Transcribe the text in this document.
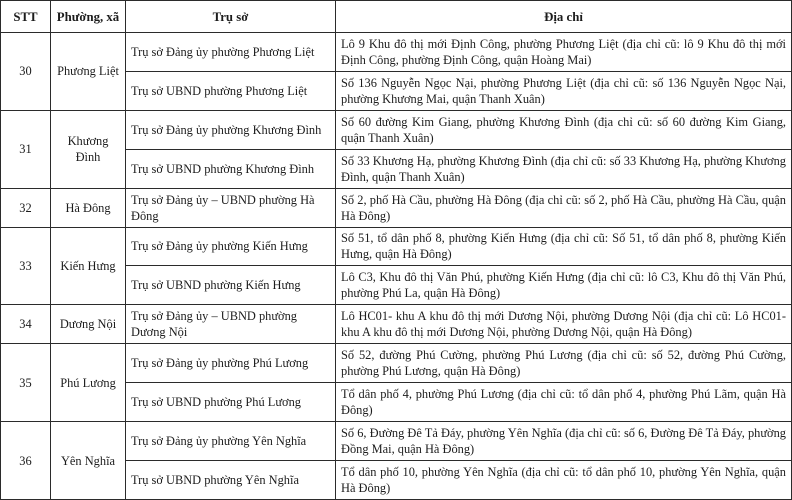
STT	Phường, xã	Trụ sở	Địa chỉ
30	Phương Liệt	Trụ sở Đảng ủy phường Phương Liệt	Lô 9 Khu đô thị mới Định Công, phường Phương Liệt (địa chỉ cũ: lô 9 Khu đô thị mới Định Công, phường Định Công, quận Hoàng Mai)
		Trụ sở UBND phường Phương Liệt	Số 136 Nguyễn Ngọc Nại, phường Phương Liệt (địa chỉ cũ: số 136 Nguyễn Ngọc Nại, phường Khương Mai, quận Thanh Xuân)
31	Khương Đình	Trụ sở Đảng ủy phường Khương Đình	Số 60 đường Kim Giang, phường Khương Đình (địa chỉ cũ: số 60 đường Kim Giang, quận Thanh Xuân)
		Trụ sở UBND phường Khương Đình	Số 33 Khương Hạ, phường Khương Đình (địa chỉ cũ: số 33 Khương Hạ, phường Khương Đình, quận Thanh Xuân)
32	Hà Đông	Trụ sở Đảng ủy – UBND phường Hà Đông	Số 2, phố Hà Cầu, phường Hà Đông (địa chỉ cũ: số 2, phố Hà Cầu, phường Hà Cầu, quận Hà Đông)
33	Kiến Hưng	Trụ sở Đảng ủy phường Kiến Hưng	Số 51, tổ dân phố 8, phường Kiến Hưng (địa chỉ cũ: Số 51, tổ dân phố 8, phường Kiến Hưng, quận Hà Đông)
		Trụ sở UBND phường Kiến Hưng	Lô C3, Khu đô thị Văn Phú, phường Kiến Hưng (địa chỉ cũ: lô C3, Khu đô thị Văn Phú, phường Phú La, quận Hà Đông)
34	Dương Nội	Trụ sở Đảng ủy – UBND phường Dương Nội	Lô HC01- khu A khu đô thị mới Dương Nội, phường Dương Nội (địa chỉ cũ: Lô HC01- khu A khu đô thị mới Dương Nội, phường Dương Nội, quận Hà Đông)
35	Phú Lương	Trụ sở Đảng ủy phường Phú Lương	Số 52, đường Phú Cường, phường Phú Lương (địa chỉ cũ: số 52, đường Phú Cường, phường Phú Lương, quận Hà Đông)
		Trụ sở UBND phường Phú Lương	Tổ dân phố 4, phường Phú Lương (địa chỉ cũ: tổ dân phố 4, phường Phú Lãm, quận Hà Đông)
36	Yên Nghĩa	Trụ sở Đảng ủy phường Yên Nghĩa	Số 6, Đường Đê Tả Đáy, phường Yên Nghĩa (địa chỉ cũ: số 6, Đường Đê Tả Đáy, phường Đồng Mai, quận Hà Đông)
		Trụ sở UBND phường Yên Nghĩa	Tổ dân phố 10, phường Yên Nghĩa (địa chỉ cũ: tổ dân phố 10, phường Yên Nghĩa, quận Hà Đông)
